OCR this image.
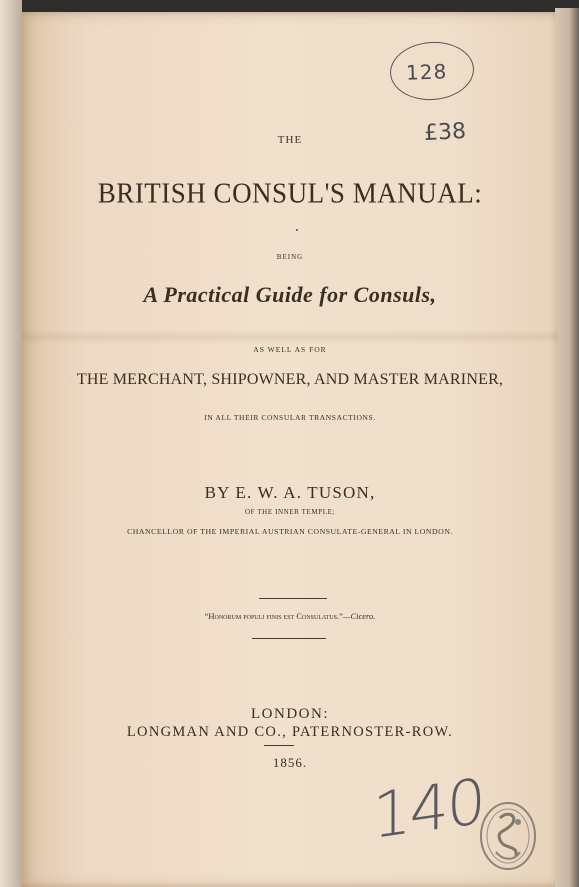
THE
BRITISH CONSUL'S MANUAL:
BEING
A Practical Guide for Consuls,
AS WELL AS FOR
THE MERCHANT, SHIPOWNER, AND MASTER MARINER,
IN ALL THEIR CONSULAR TRANSACTIONS.
BY E. W. A. TUSON,
OF THE INNER TEMPLE;
CHANCELLOR OF THE IMPERIAL AUSTRIAN CONSULATE-GENERAL IN LONDON.
“Honorum populi finis est Consulatus.”—Cicero.
LONDON:
LONGMAN AND CO., PATERNOSTER-ROW.
1856.
128
£38
140
